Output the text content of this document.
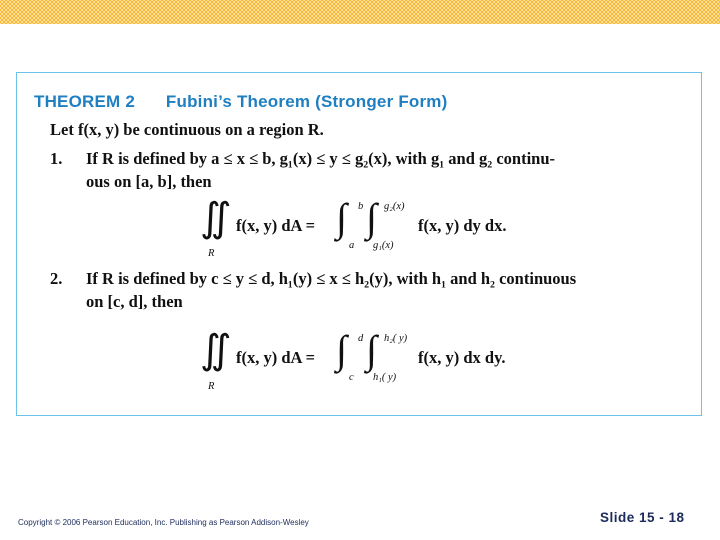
THEOREM 2 Fubini’s Theorem (Stronger Form)
Let f(x, y) be continuous on a region R.
1. If R is defined by a ≤ x ≤ b, g₁(x) ≤ y ≤ g₂(x), with g₁ and g₂ continu-
ous on [a, b], then
∬
R
f(x, y) dA = ∫ b
a
∫ g₂(x)
g₁(x)
f(x, y) dy dx.
2. If R is defined by c ≤ y ≤ d, h₁(y) ≤ x ≤ h₂(y), with h₁ and h₂ continuous
on [c, d], then
∬
R
f(x, y) dA = ∫ d
c
∫ h₂( y)
h₁( y)
f(x, y) dx dy.
Copyright © 2006 Pearson Education, Inc. Publishing as Pearson Addison-Wesley	Slide 15 - 18
